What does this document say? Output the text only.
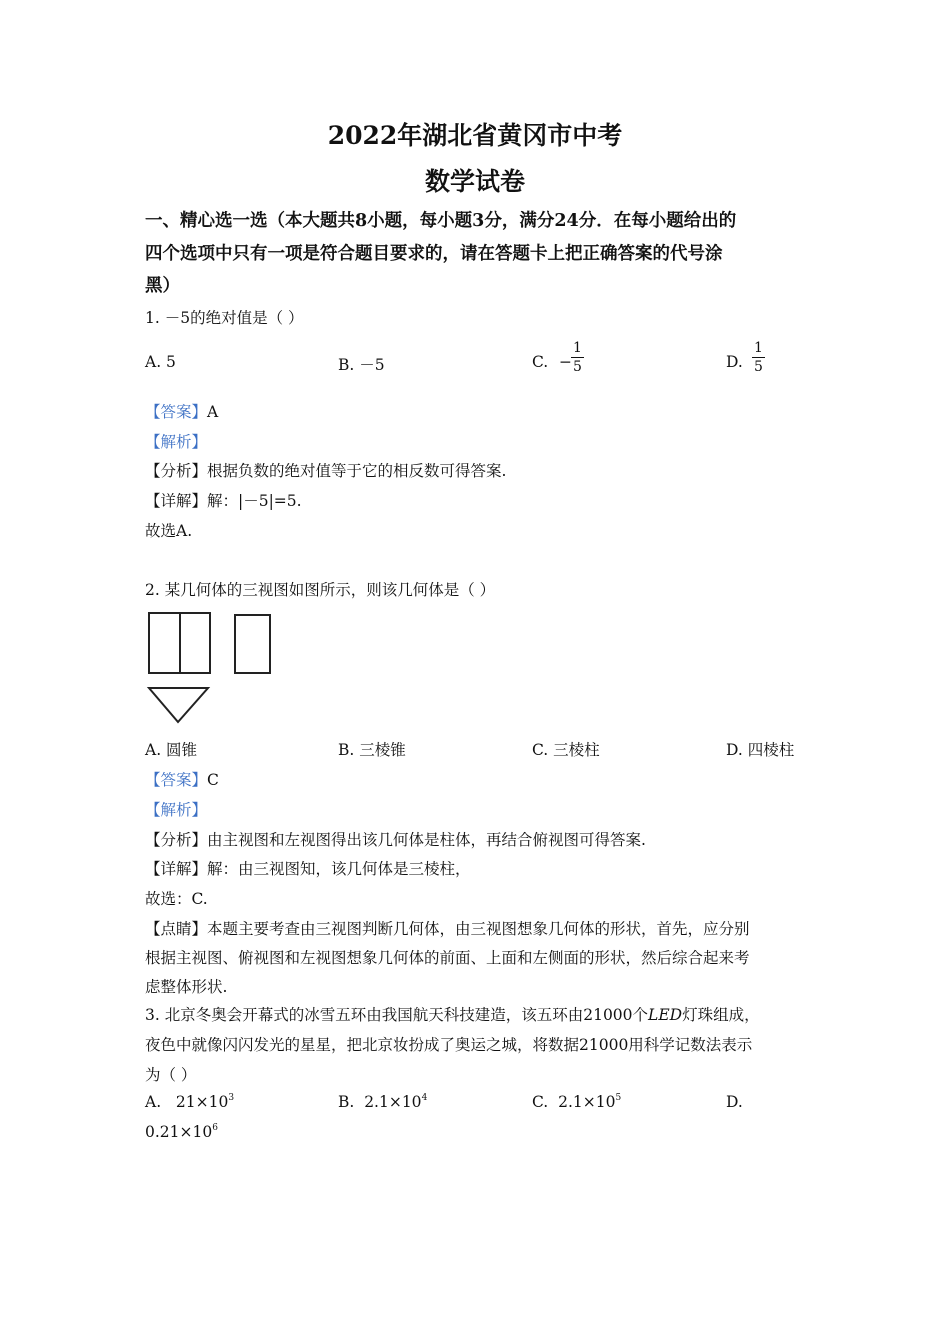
2022年湖北省黄冈市中考
数学试卷
一、精心选一选（本大题共8小题，每小题3分，满分24分．在每小题给出的
四个选项中只有一项是符合题目要求的，请在答题卡上把正确答案的代号涂
黑）
1. －5的绝对值是（ ）
A. 5	B. －5	C. −
1
5	D.
1
5
【答案】A
【解析】
【分析】根据负数的绝对值等于它的相反数可得答案.
【详解】解：|－5|=5.
故选A.
2. 某几何体的三视图如图所示，则该几何体是（ ）
A. 圆锥	B. 三棱锥	C. 三棱柱	D. 四棱柱
【答案】C
【解析】
【分析】由主视图和左视图得出该几何体是柱体，再结合俯视图可得答案.
【详解】解：由三视图知，该几何体是三棱柱，
故选：C.
【点睛】本题主要考查由三视图判断几何体，由三视图想象几何体的形状，首先，应分别
根据主视图、俯视图和左视图想象几何体的前面、上面和左侧面的形状，然后综合起来考
虑整体形状.
3. 北京冬奥会开幕式的冰雪五环由我国航天科技建造，该五环由21000个LED灯珠组成，
夜色中就像闪闪发光的星星，把北京妆扮成了奥运之城，将数据21000用科学记数法表示
为（ ）
A. $21\times 10^3$	B. $2.1\times 10^4$	C. $2.1\times 10^5$	D.
$0.21\times 10^6$
